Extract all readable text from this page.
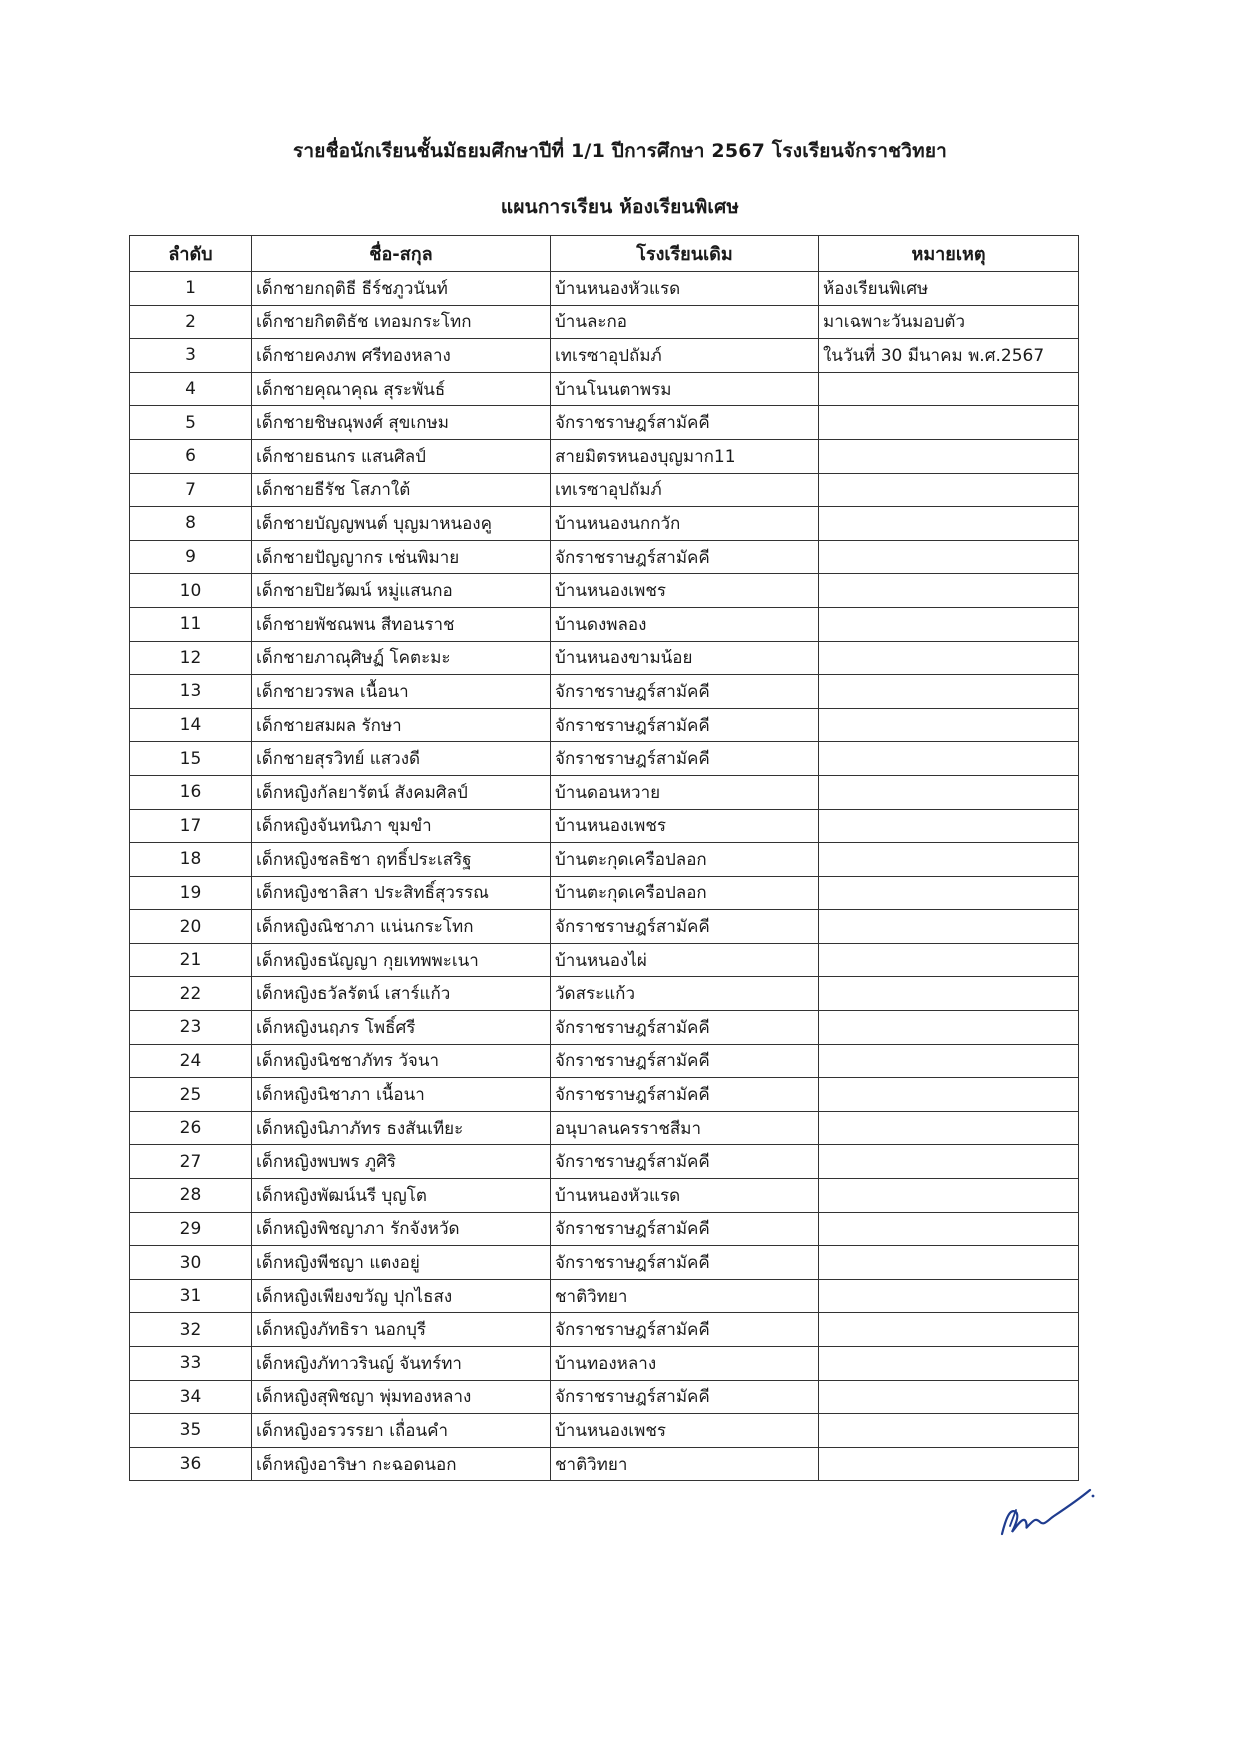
รายชื่อนักเรียนชั้นมัธยมศึกษาปีที่ 1/1 ปีการศึกษา 2567 โรงเรียนจักราชวิทยา
แผนการเรียน ห้องเรียนพิเศษ
ลำดับ	ชื่อ-สกุล	โรงเรียนเดิม	หมายเหตุ
1	เด็กชายกฤติธี ธีร์ชภูวนันท์	บ้านหนองหัวแรด	ห้องเรียนพิเศษ
2	เด็กชายกิตติธัช เทอมกระโทก	บ้านละกอ	มาเฉพาะวันมอบตัว
3	เด็กชายคงภพ ศรีทองหลาง	เทเรซาอุปถัมภ์	ในวันที่ 30 มีนาคม พ.ศ.2567
4	เด็กชายคุณาคุณ สุระพันธ์	บ้านโนนตาพรม	
5	เด็กชายชิษณุพงศ์ สุขเกษม	จักราชราษฎร์สามัคคี	
6	เด็กชายธนกร แสนศิลป์	สายมิตรหนองบุญมาก11	
7	เด็กชายธีรัช โสภาใต้	เทเรซาอุปถัมภ์	
8	เด็กชายบัญญพนต์ บุญมาหนองคู	บ้านหนองนกกวัก	
9	เด็กชายปัญญากร เช่นพิมาย	จักราชราษฎร์สามัคคี	
10	เด็กชายปิยวัฒน์ หมู่แสนกอ	บ้านหนองเพชร	
11	เด็กชายพัชณพน สีทอนราช	บ้านดงพลอง	
12	เด็กชายภาณุศิษฏ์ โคตะมะ	บ้านหนองขามน้อย	
13	เด็กชายวรพล เนื้อนา	จักราชราษฎร์สามัคคี	
14	เด็กชายสมผล รักษา	จักราชราษฎร์สามัคคี	
15	เด็กชายสุรวิทย์ แสวงดี	จักราชราษฎร์สามัคคี	
16	เด็กหญิงกัลยารัตน์ สังคมศิลป์	บ้านดอนหวาย	
17	เด็กหญิงจันทนิภา ขุมขำ	บ้านหนองเพชร	
18	เด็กหญิงชลธิชา ฤทธิ์ประเสริฐ	บ้านตะกุดเครือปลอก	
19	เด็กหญิงชาลิสา ประสิทธิ์สุวรรณ	บ้านตะกุดเครือปลอก	
20	เด็กหญิงณิชาภา แน่นกระโทก	จักราชราษฎร์สามัคคี	
21	เด็กหญิงธนัญญา กุยเทพพะเนา	บ้านหนองไผ่	
22	เด็กหญิงธวัลรัตน์ เสาร์แก้ว	วัดสระแก้ว	
23	เด็กหญิงนฤภร โพธิ์ศรี	จักราชราษฎร์สามัคคี	
24	เด็กหญิงนิชชาภัทร วัจนา	จักราชราษฎร์สามัคคี	
25	เด็กหญิงนิชาภา เนื้อนา	จักราชราษฎร์สามัคคี	
26	เด็กหญิงนิภาภัทร ธงสันเทียะ	อนุบาลนครราชสีมา	
27	เด็กหญิงพบพร ภูศิริ	จักราชราษฎร์สามัคคี	
28	เด็กหญิงพัฒน์นรี บุญโต	บ้านหนองหัวแรด	
29	เด็กหญิงพิชญาภา รักจังหวัด	จักราชราษฎร์สามัคคี	
30	เด็กหญิงพีชญา แตงอยู่	จักราชราษฎร์สามัคคี	
31	เด็กหญิงเพียงขวัญ ปุกไธสง	ชาติวิทยา	
32	เด็กหญิงภัทธิรา นอกบุรี	จักราชราษฎร์สามัคคี	
33	เด็กหญิงภัทาวรินญ์ จันทร์ทา	บ้านทองหลาง	
34	เด็กหญิงสุพิชญา พุ่มทองหลาง	จักราชราษฎร์สามัคคี	
35	เด็กหญิงอรวรรยา เถื่อนคำ	บ้านหนองเพชร	
36	เด็กหญิงอาริษา กะฉอดนอก	ชาติวิทยา	
